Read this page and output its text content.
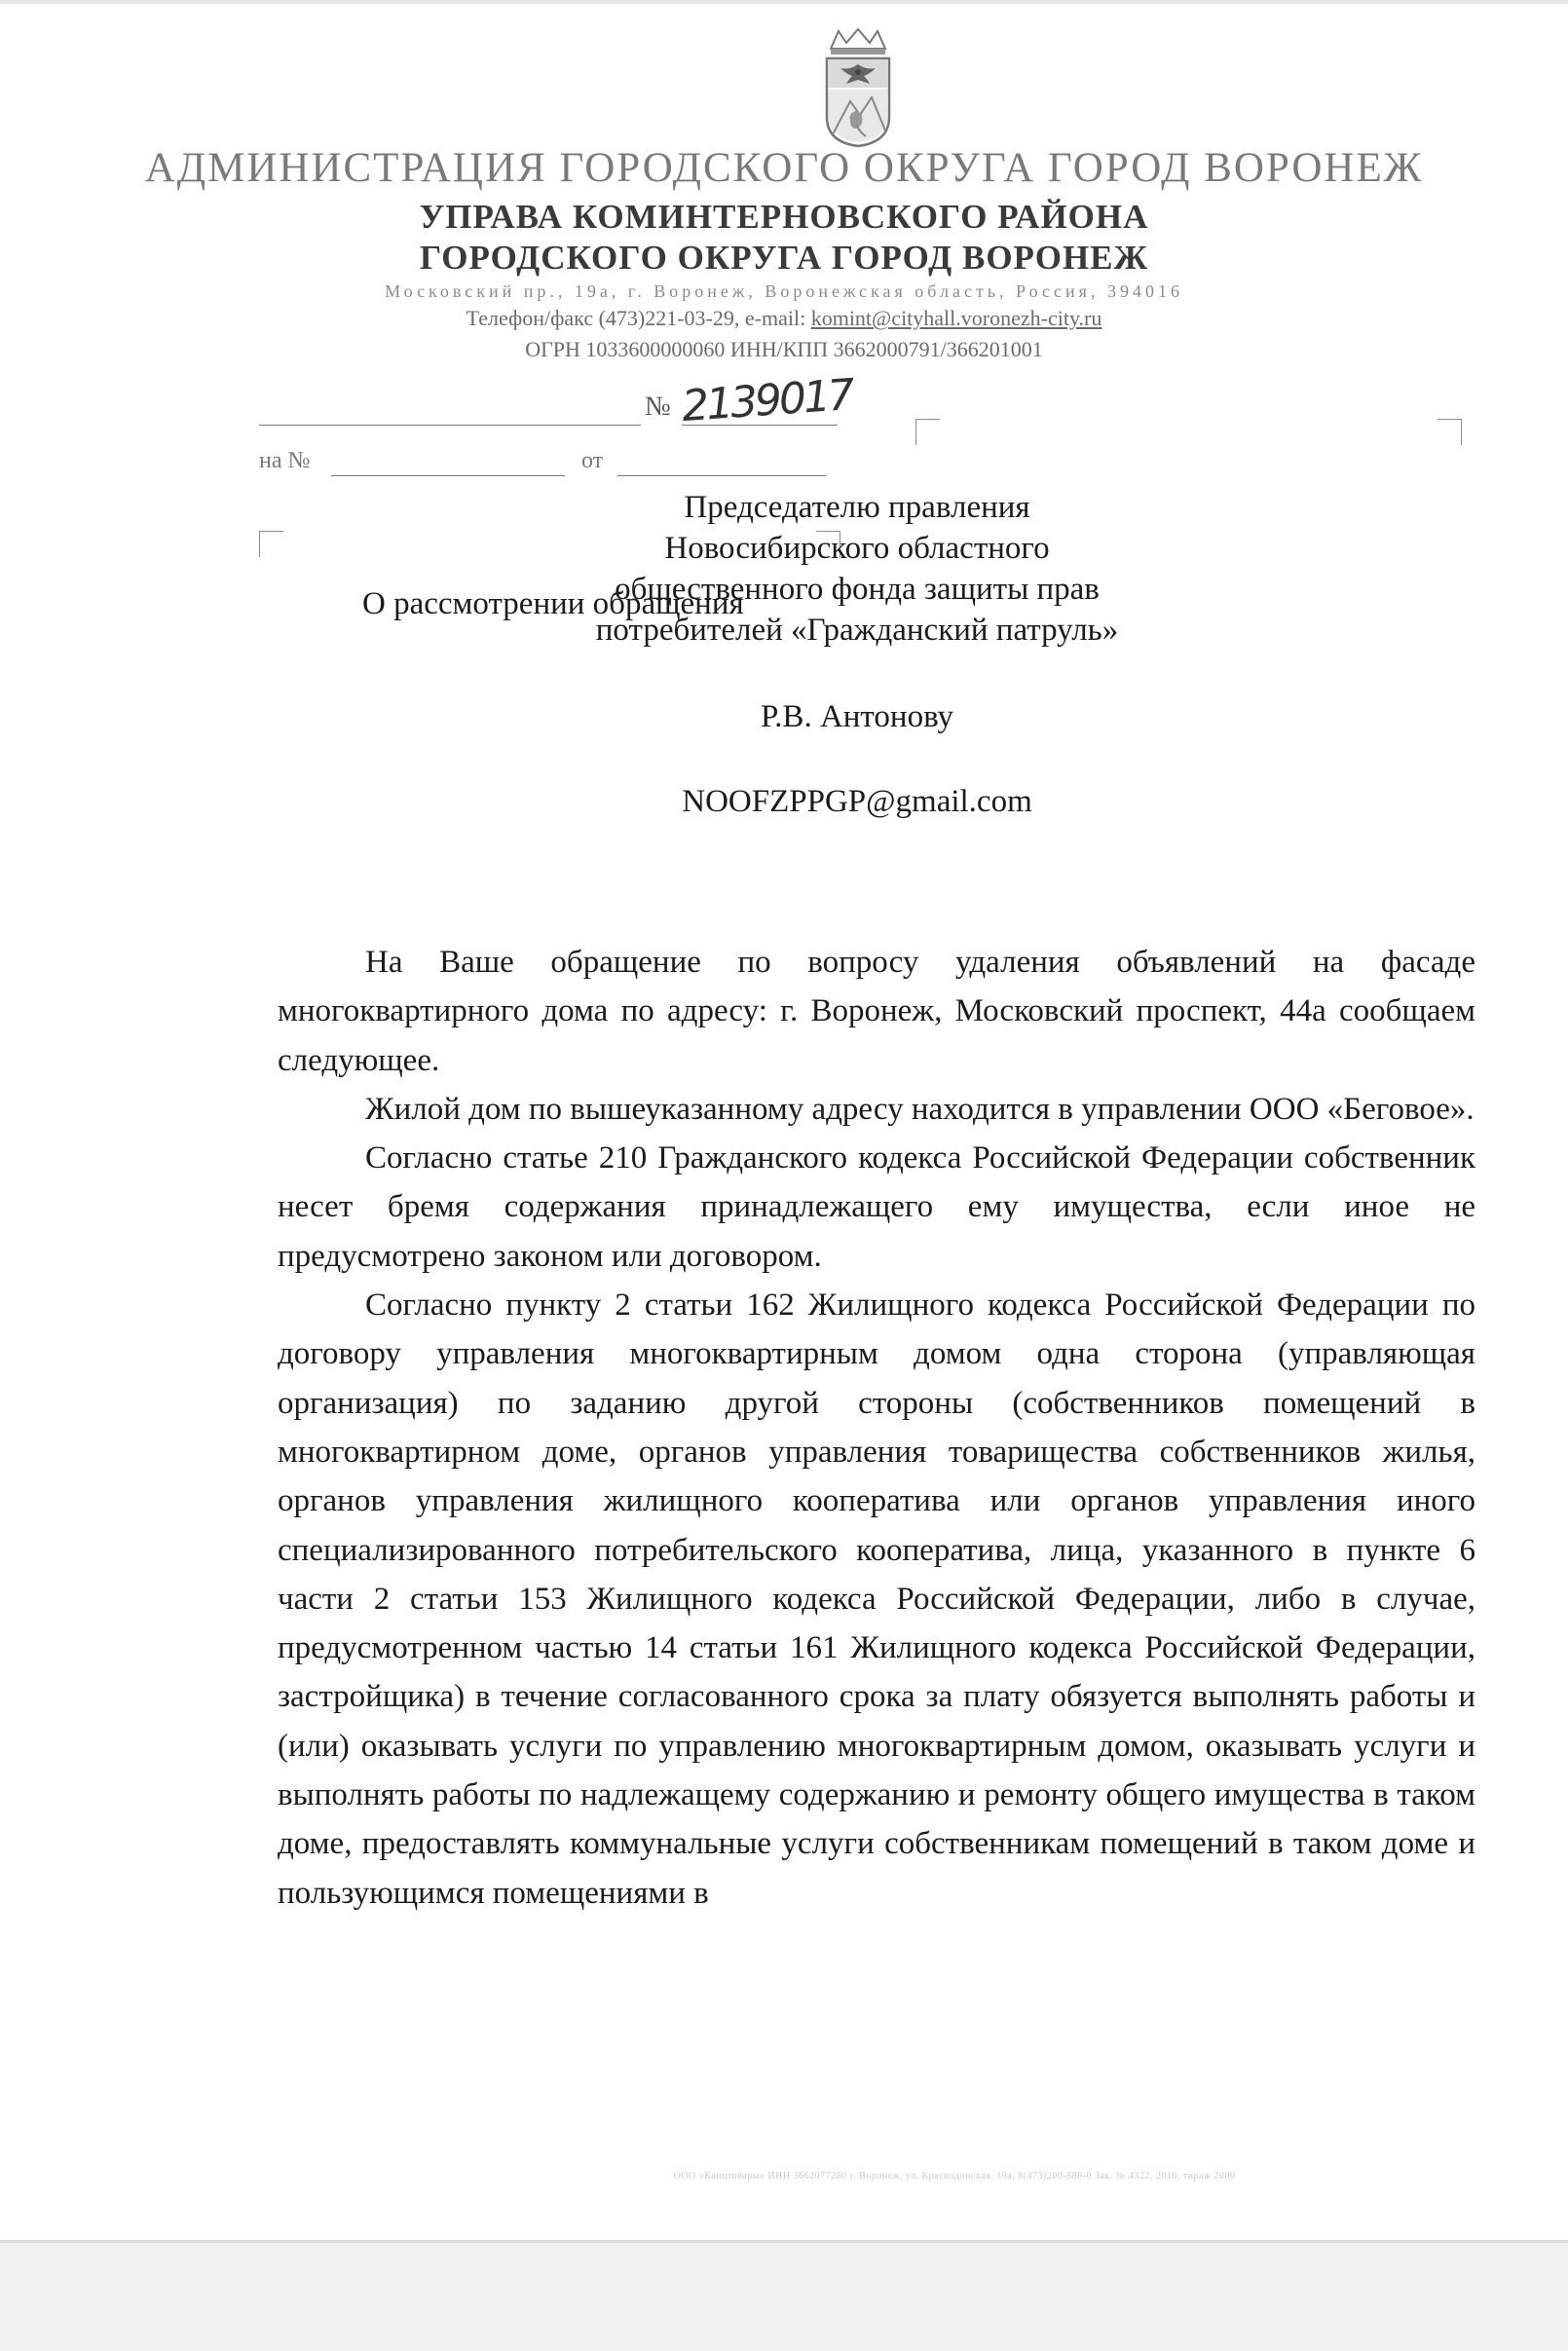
АДМИНИСТРАЦИЯ ГОРОДСКОГО ОКРУГА ГОРОД ВОРОНЕЖ
УПРАВА КОМИНТЕРНОВСКОГО РАЙОНА
ГОРОДСКОГО ОКРУГА ГОРОД ВОРОНЕЖ
Московский пр., 19а, г. Воронеж, Воронежская область, Россия, 394016
Телефон/факс (473)221-03-29, e-mail: komint@cityhall.voronezh-city.ru
ОГРН 1033600000060 ИНН/КПП 3662000791/366201001
№ 2139017
на №	от
О рассмотрении обращения
Председателю правления
Новосибирского областного
общественного фонда защиты прав
потребителей «Гражданский патруль»
Р.В. Антонову
NOOFZPPGP@gmail.com

На Ваше обращение по вопросу удаления объявлений на фасаде многоквартирного дома по адресу: г. Воронеж, Московский проспект, 44а сообщаем следующее.

Жилой дом по вышеуказанному адресу находится в управлении ООО «Беговое».

Согласно статье 210 Гражданского кодекса Российской Федерации собственник несет бремя содержания принадлежащего ему имущества, если иное не предусмотрено законом или договором.

Согласно пункту 2 статьи 162 Жилищного кодекса Российской Федерации по договору управления многоквартирным домом одна сторона (управляющая организация) по заданию другой стороны (собственников помещений в многоквартирном доме, органов управления товарищества собственников жилья, органов управления жилищного кооператива или органов управления иного специализированного потребительского кооператива, лица, указанного в пункте 6 части 2 статьи 153 Жилищного кодекса Российской Федерации, либо в случае, предусмотренном частью 14 статьи 161 Жилищного кодекса Российской Федерации, застройщика) в течение согласованного срока за плату обязуется выполнять работы и (или) оказывать услуги по управлению многоквартирным домом, оказывать услуги и выполнять работы по надлежащему содержанию и ремонту общего имущества в таком доме, предоставлять коммунальные услуги собственникам помещений в таком доме и пользующимся помещениями в

ООО «Канцтовары» ИНН 3662077280 г. Воронеж, ул. Краснодонская, 19а, 8(473)200-888-0 Зак. № 4322, 2016, тираж 2000
